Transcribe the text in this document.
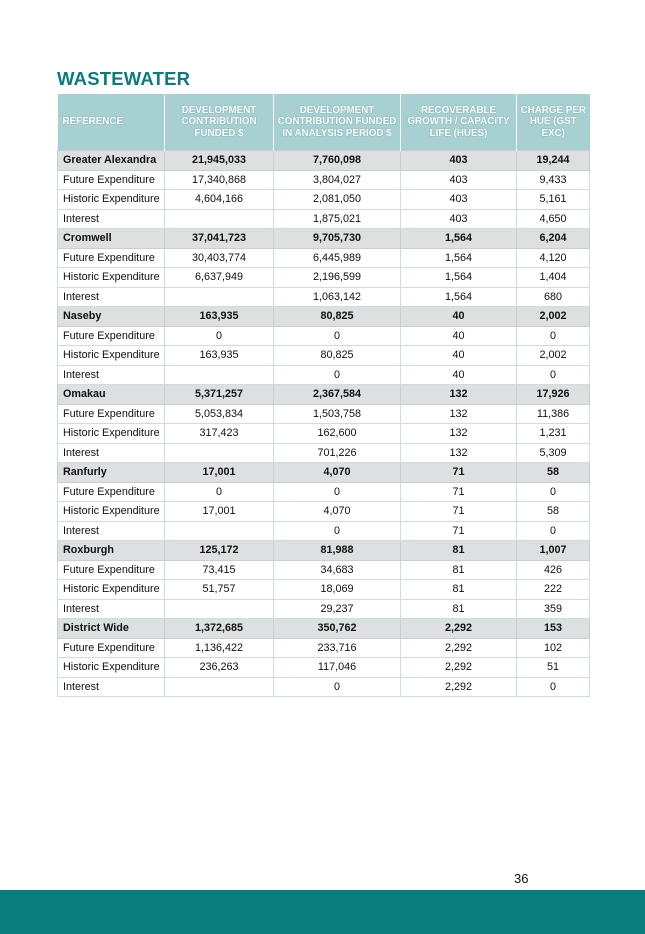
WASTEWATER
REFERENCE	DEVELOPMENT CONTRIBUTION FUNDED $	DEVELOPMENT CONTRIBUTION FUNDED IN ANALYSIS PERIOD $	RECOVERABLE GROWTH / CAPACITY LIFE (HUES)	CHARGE PER HUE (GST EXC)
Greater Alexandra	21,945,033	7,760,098	403	19,244
Future Expenditure	17,340,868	3,804,027	403	9,433
Historic Expenditure	4,604,166	2,081,050	403	5,161
Interest		1,875,021	403	4,650
Cromwell	37,041,723	9,705,730	1,564	6,204
Future Expenditure	30,403,774	6,445,989	1,564	4,120
Historic Expenditure	6,637,949	2,196,599	1,564	1,404
Interest		1,063,142	1,564	680
Naseby	163,935	80,825	40	2,002
Future Expenditure	0	0	40	0
Historic Expenditure	163,935	80,825	40	2,002
Interest		0	40	0
Omakau	5,371,257	2,367,584	132	17,926
Future Expenditure	5,053,834	1,503,758	132	11,386
Historic Expenditure	317,423	162,600	132	1,231
Interest		701,226	132	5,309
Ranfurly	17,001	4,070	71	58
Future Expenditure	0	0	71	0
Historic Expenditure	17,001	4,070	71	58
Interest		0	71	0
Roxburgh	125,172	81,988	81	1,007
Future Expenditure	73,415	34,683	81	426
Historic Expenditure	51,757	18,069	81	222
Interest		29,237	81	359
District Wide	1,372,685	350,762	2,292	153
Future Expenditure	1,136,422	233,716	2,292	102
Historic Expenditure	236,263	117,046	2,292	51
Interest		0	2,292	0
36
